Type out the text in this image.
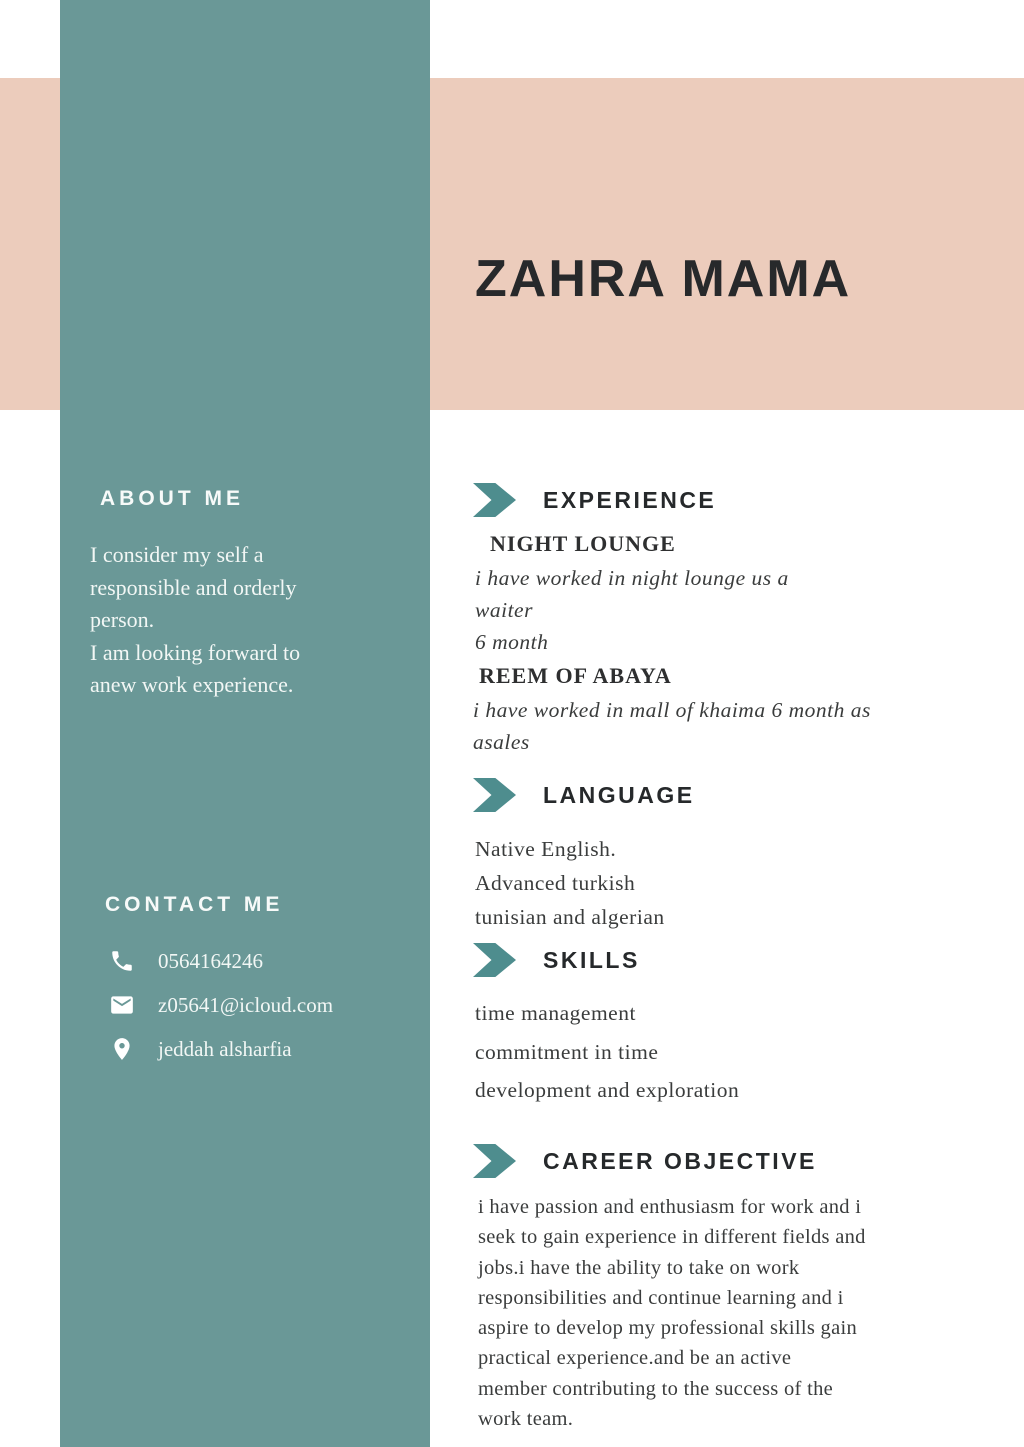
ZAHRA MAMA
ABOUT ME
I consider my self a
responsible and orderly
person.
I am looking forward to
anew work experience.
CONTACT ME
0564164246
z05641@icloud.com
jeddah alsharfia
EXPERIENCE
NIGHT LOUNGE
i have worked in night lounge us a
waiter
6 month
REEM OF ABAYA
i have worked in mall of khaima 6 month as
asales
LANGUAGE
Native English.
Advanced turkish
tunisian and algerian
SKILLS
time management
commitment in time
development and exploration
CAREER OBJECTIVE
i have passion and enthusiasm for work and i
seek to gain experience in different fields and
jobs.i have the ability to take on work
responsibilities and continue learning and i
aspire to develop my professional skills gain
practical experience.and be an active
member contributing to the success of the
work team.
